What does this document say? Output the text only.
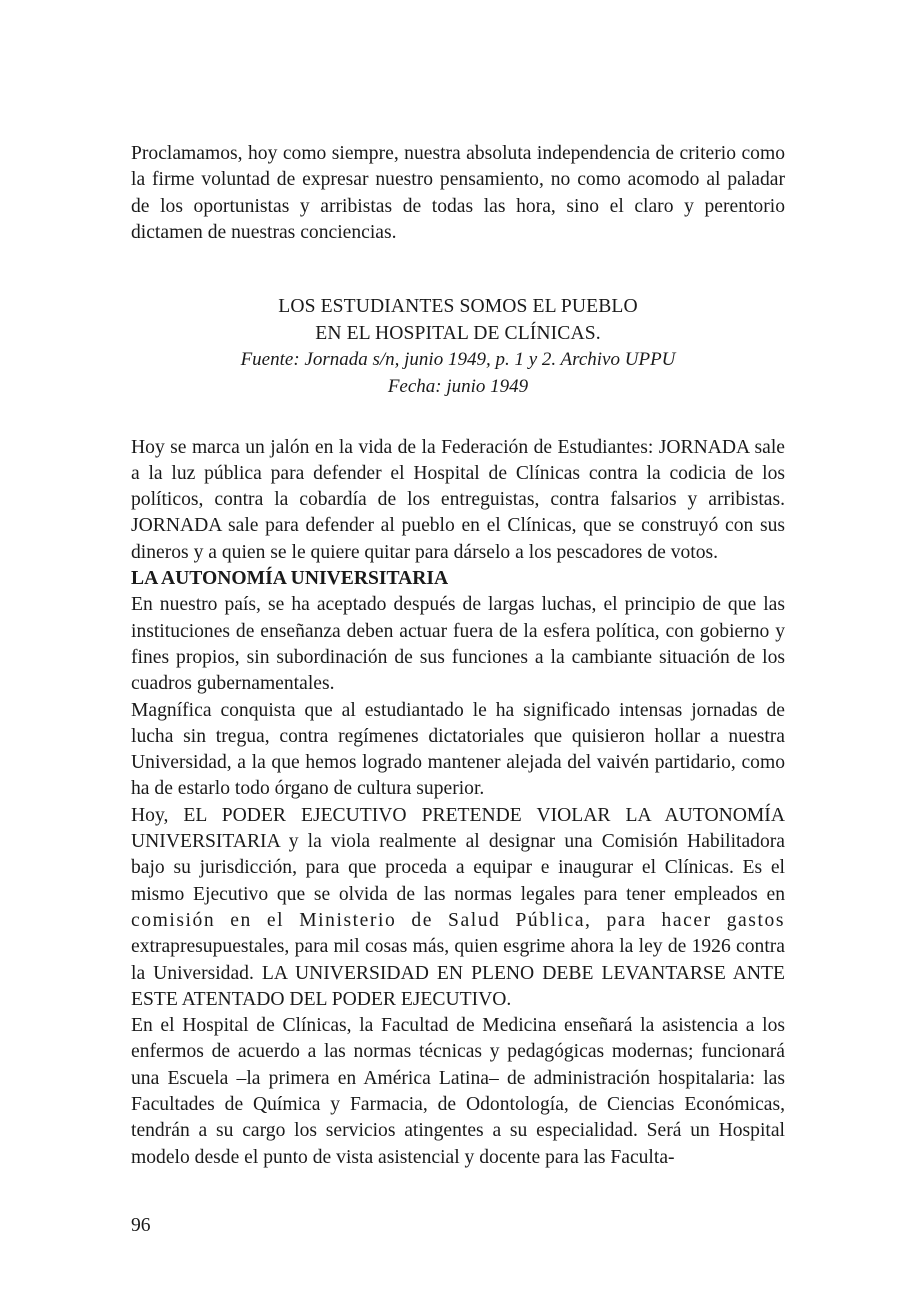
Proclamamos, hoy como siempre, nuestra absoluta independencia de criterio como la firme voluntad de expresar nuestro pensamiento, no como acomodo al paladar de los oportunistas y arribistas de todas las hora, sino el claro y perentorio dictamen de nuestras conciencias.

LOS ESTUDIANTES SOMOS EL PUEBLO
EN EL HOSPITAL DE CLÍNICAS.
Fuente: Jornada s/n, junio 1949, p. 1 y 2. Archivo UPPU
Fecha: junio 1949

Hoy se marca un jalón en la vida de la Federación de Estudiantes: JORNADA sale a la luz pública para defender el Hospital de Clínicas contra la codicia de los políticos, contra la cobardía de los entreguistas, contra falsarios y arribistas. JORNADA sale para defender al pueblo en el Clínicas, que se construyó con sus dineros y a quien se le quiere quitar para dárselo a los pescadores de votos.

LA AUTONOMÍA UNIVERSITARIA

En nuestro país, se ha aceptado después de largas luchas, el principio de que las instituciones de enseñanza deben actuar fuera de la esfera política, con gobierno y fines propios, sin subordinación de sus funciones a la cambiante situación de los cuadros gubernamentales.

Magnífica conquista que al estudiantado le ha significado intensas jornadas de lucha sin tregua, contra regímenes dictatoriales que quisieron hollar a nuestra Universidad, a la que hemos logrado mantener alejada del vaivén partidario, como ha de estarlo todo órgano de cultura superior.

Hoy, EL PODER EJECUTIVO PRETENDE VIOLAR LA AUTONOMÍA UNIVERSITARIA y la viola realmente al designar una Comisión Habilitadora bajo su jurisdicción, para que proceda a equipar e inaugurar el Clínicas. Es el mismo Ejecutivo que se olvida de las normas legales para tener empleados en comisión en el Ministerio de Salud Pública, para hacer gastos extrapresupuestales, para mil cosas más, quien esgrime ahora la ley de 1926 contra la Universidad. LA UNIVERSIDAD EN PLENO DEBE LEVANTARSE ANTE ESTE ATENTADO DEL PODER EJECUTIVO.

En el Hospital de Clínicas, la Facultad de Medicina enseñará la asistencia a los enfermos de acuerdo a las normas técnicas y pedagógicas modernas; funcionará una Escuela –la primera en América Latina– de administración hospitalaria: las Facultades de Química y Farmacia, de Odontología, de Ciencias Económicas, tendrán a su cargo los servicios atingentes a su especialidad. Será un Hospital modelo desde el punto de vista asistencial y docente para las Faculta-

96
